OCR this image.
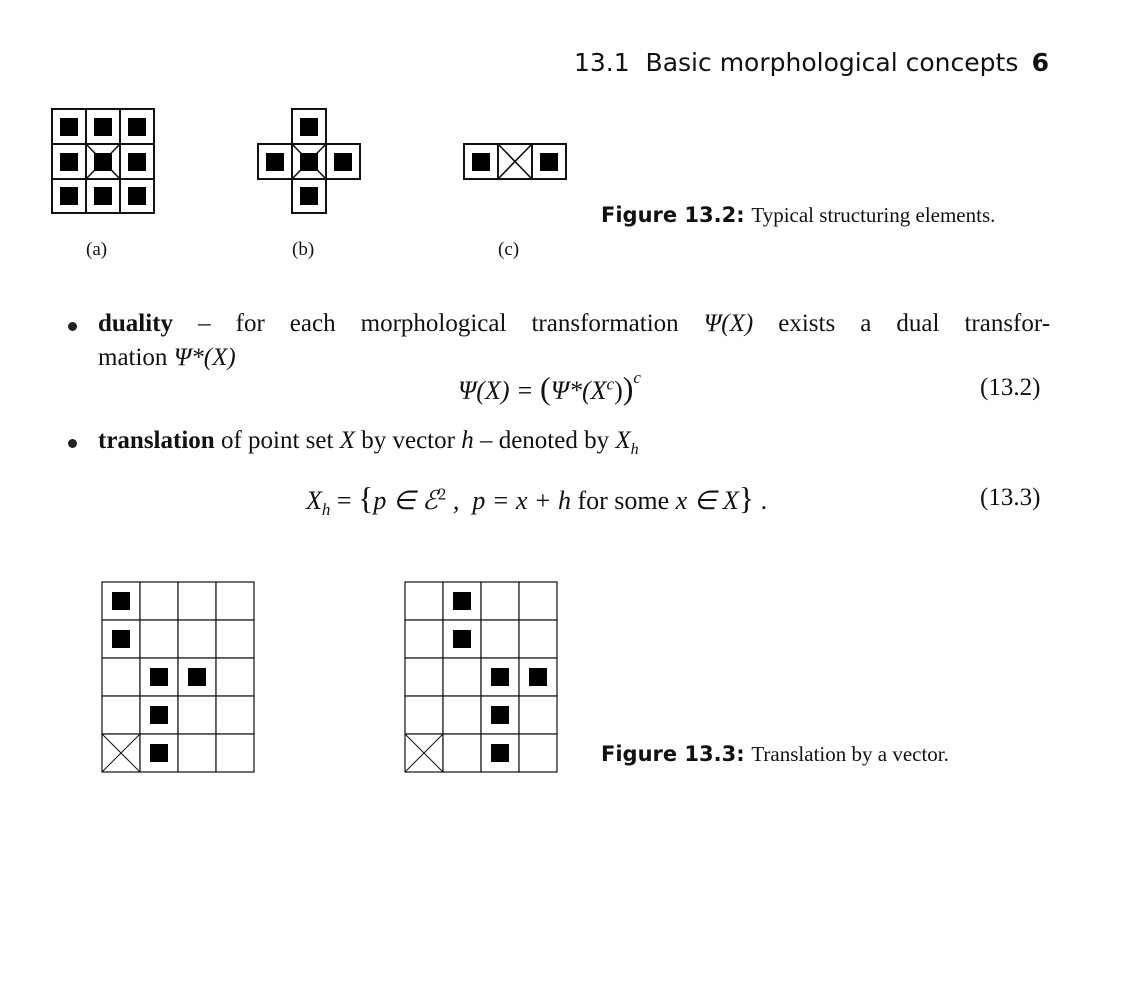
13.1  Basic morphological concepts 6
(a)	(b)	(c)
Figure 13.2: Typical structuring elements.

duality – for each morphological transformation Ψ(X) exists a dual transfor-

mation Ψ*(X)

$\Psi(X) = (\Psi*(X^c))^c$	(13.2)
translation of point set X by vector h – denoted by $X_h$
$X_h = \{p$ ∈ ℰ$^2$ ,  p = x + h for some x ∈ X} .	(13.3)
Figure 13.3: Translation by a vector.
